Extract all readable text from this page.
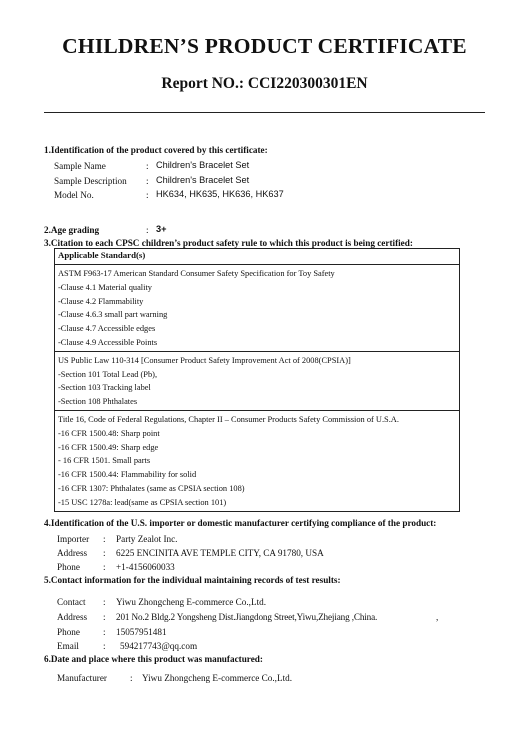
CHILDREN’S PRODUCT CERTIFICATE
Report NO.: CCI220300301EN
1.Identification of the product covered by this certificate:
Sample Name	: Children's Bracelet Set
Sample Description : Children's Bracelet Set
Model No.	: HK634, HK635, HK636, HK637
2.Age grading	: 3+
3.Citation to each CPSC children’s product safety rule to which this product is being certified:
Applicable Standard(s)

ASTM F963-17 American Standard Consumer Safety Specification for Toy Safety
-Clause 4.1 Material quality
-Clause 4.2 Flammability
-Clause 4.6.3 small part warning
-Clause 4.7 Accessible edges
-Clause 4.9 Accessible Points

US Public Law 110-314 [Consumer Product Safety Improvement Act of 2008(CPSIA)]
-Section 101 Total Lead (Pb),
-Section 103 Tracking label
-Section 108 Phthalates

Title 16, Code of Federal Regulations, Chapter II – Consumer Products Safety Commission of U.S.A.
-16 CFR 1500.48: Sharp point
-16 CFR 1500.49: Sharp edge
- 16 CFR 1501. Small parts
-16 CFR 1500.44: Flammability for solid
-16 CFR 1307: Phthalates (same as CPSIA section 108)
-15 USC 1278a: lead(same as CPSIA section 101)
4.Identification of the U.S. importer or domestic manufacturer certifying compliance of the product:
Importer : Party Zealot Inc.
Address : 6225 ENCINITA AVE TEMPLE CITY, CA 91780, USA
Phone	: +1-4156060033
5.Contact information for the individual maintaining records of test results:
Contact : Yiwu Zhongcheng E-commerce Co.,Ltd.
Address : 201 No.2 Bldg.2 Yongsheng Dist.Jiangdong Street,Yiwu,Zhejiang ,China.	,
Phone	: 15057951481
Email	: 594217743@qq.com
6.Date and place where this product was manufactured:
Manufacturer	: Yiwu Zhongcheng E-commerce Co.,Ltd.
